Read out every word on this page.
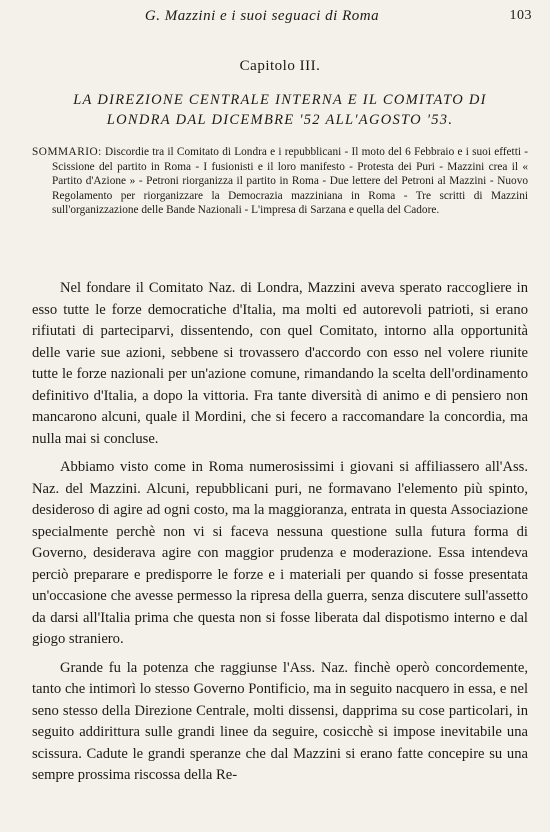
G. Mazzini e i suoi seguaci di Roma	103
Capitolo III.
LA DIREZIONE CENTRALE INTERNA E IL COMITATO DI
LONDRA DAL DICEMBRE '52 ALL'AGOSTO '53.
SOMMARIO: Discordie tra il Comitato di Londra e i repubblicani - Il moto del 6 Febbraio e i suoi effetti - Scissione del partito in Roma - I fusionisti e il loro manifesto - Protesta dei Puri - Mazzini crea il « Partito d'Azione » - Petroni riorganizza il partito in Roma - Due lettere del Petroni al Mazzini - Nuovo Regolamento per riorganizzare la Democrazia mazziniana in Roma - Tre scritti di Mazzini sull'organizzazione delle Bande Nazionali - L'impresa di Sarzana e quella del Cadore.

Nel fondare il Comitato Naz. di Londra, Mazzini aveva sperato raccogliere in esso tutte le forze democratiche d'Italia, ma molti ed autorevoli patrioti, si erano rifiutati di parteciparvi, dissentendo, con quel Comitato, intorno alla opportunità delle varie sue azioni, sebbene si trovassero d'accordo con esso nel volere riunite tutte le forze nazionali per un'azione comune, rimandando la scelta dell'ordinamento definitivo d'Italia, a dopo la vittoria. Fra tante diversità di animo e di pensiero non mancarono alcuni, quale il Mordini, che si fecero a raccomandare la concordia, ma nulla mai si concluse.

Abbiamo visto come in Roma numerosissimi i giovani si affiliassero all'Ass. Naz. del Mazzini. Alcuni, repubblicani puri, ne formavano l'elemento più spinto, desideroso di agire ad ogni costo, ma la maggioranza, entrata in questa Associazione specialmente perchè non vi si faceva nessuna questione sulla futura forma di Governo, desiderava agire con maggior prudenza e moderazione. Essa intendeva perciò preparare e predisporre le forze e i materiali per quando si fosse presentata un'occasione che avesse permesso la ripresa della guerra, senza discutere sull'assetto da darsi all'Italia prima che questa non si fosse liberata dal dispotismo interno e dal giogo straniero.

Grande fu la potenza che raggiunse l'Ass. Naz. finchè operò concordemente, tanto che intimorì lo stesso Governo Pontificio, ma in seguito nacquero in essa, e nel seno stesso della Direzione Centrale, molti dissensi, dapprima su cose particolari, in seguito addirittura sulle grandi linee da seguire, cosicchè si impose inevitabile una scissura. Cadute le grandi speranze che dal Mazzini si erano fatte concepire su una sempre prossima riscossa della Re-
